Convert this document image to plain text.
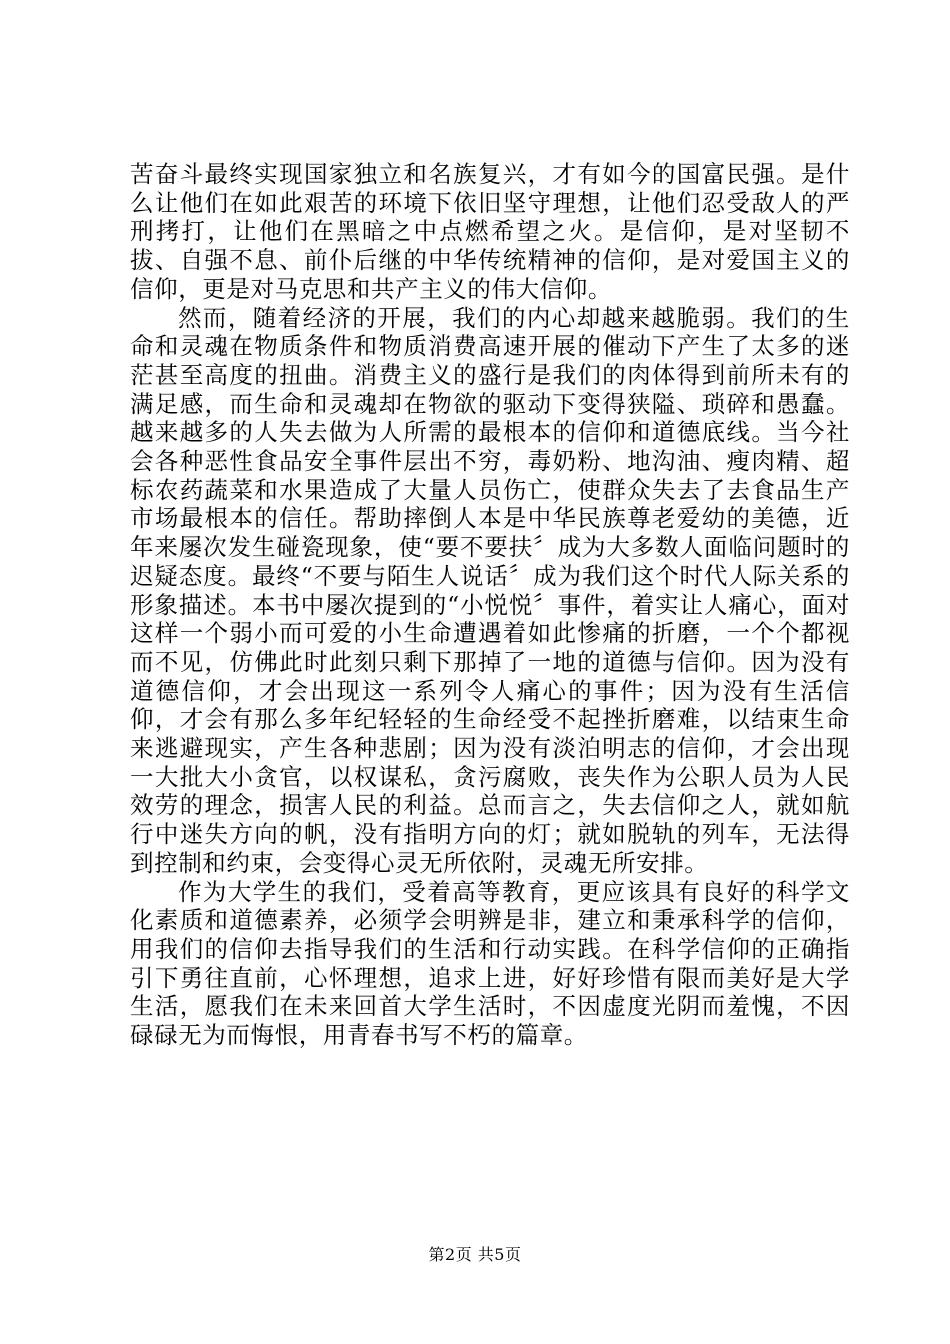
苦奋斗最终实现国家独立和名族复兴，才有如今的国富民强。是什么让他们在如此艰苦的环境下依旧坚守理想，让他们忍受敌人的严刑拷打，让他们在黑暗之中点燃希望之火。是信仰，是对坚韧不拔、自强不息、前仆后继的中华传统精神的信仰，是对爱国主义的信仰，更是对马克思和共产主义的伟大信仰。

然而，随着经济的开展，我们的内心却越来越脆弱。我们的生命和灵魂在物质条件和物质消费高速开展的催动下产生了太多的迷茫甚至高度的扭曲。消费主义的盛行是我们的肉体得到前所未有的满足感，而生命和灵魂却在物欲的驱动下变得狭隘、琐碎和愚蠢。越来越多的人失去做为人所需的最根本的信仰和道德底线。当今社会各种恶性食品安全事件层出不穷，毒奶粉、地沟油、瘦肉精、超标农药蔬菜和水果造成了大量人员伤亡，使群众失去了去食品生产市场最根本的信任。帮助摔倒人本是中华民族尊老爱幼的美德，近年来屡次发生碰瓷现象，使“要不要扶〞成为大多数人面临问题时的迟疑态度。最终“不要与陌生人说话〞成为我们这个时代人际关系的形象描述。本书中屡次提到的“小悦悦〞事件，着实让人痛心，面对这样一个弱小而可爱的小生命遭遇着如此惨痛的折磨，一个个都视而不见，仿佛此时此刻只剩下那掉了一地的道德与信仰。因为没有道德信仰，才会出现这一系列令人痛心的事件；因为没有生活信仰，才会有那么多年纪轻轻的生命经受不起挫折磨难，以结束生命来逃避现实，产生各种悲剧；因为没有淡泊明志的信仰，才会出现一大批大小贪官，以权谋私，贪污腐败，丧失作为公职人员为人民效劳的理念，损害人民的利益。总而言之，失去信仰之人，就如航行中迷失方向的帆，没有指明方向的灯；就如脱轨的列车，无法得到控制和约束，会变得心灵无所依附，灵魂无所安排。

作为大学生的我们，受着高等教育，更应该具有良好的科学文化素质和道德素养，必须学会明辨是非，建立和秉承科学的信仰，用我们的信仰去指导我们的生活和行动实践。在科学信仰的正确指引下勇往直前，心怀理想，追求上进，好好珍惜有限而美好是大学生活，愿我们在未来回首大学生活时，不因虚度光阴而羞愧，不因碌碌无为而悔恨，用青春书写不朽的篇章。

第2页 共5页
